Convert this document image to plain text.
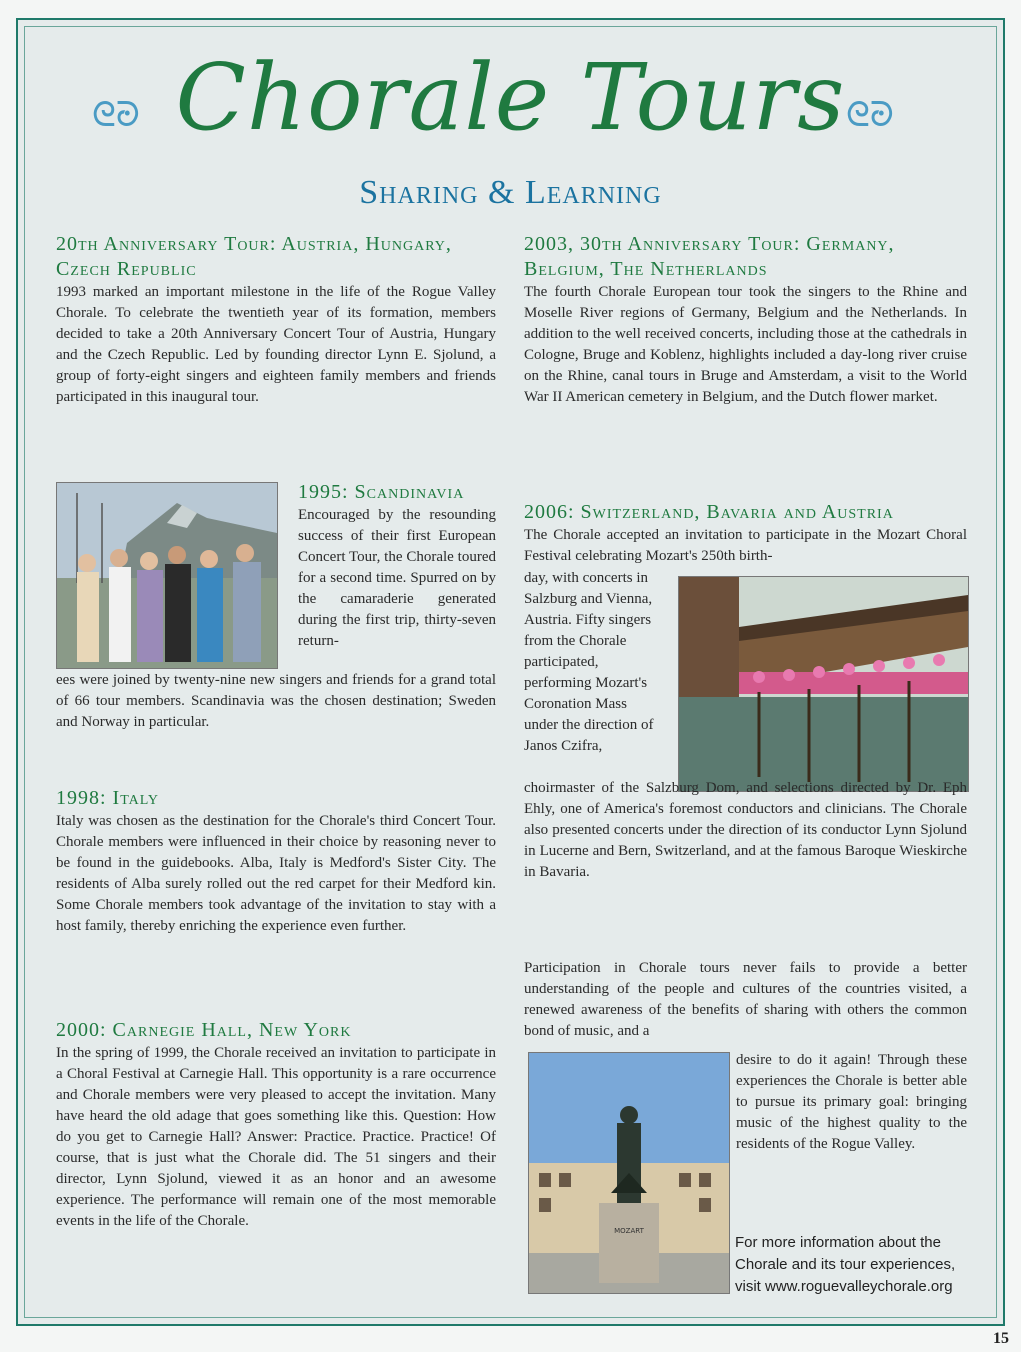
ᘓᘒ	ᘓᘒ
Chorale Tours
Sharing & Learning
20th Anniversary Tour: Austria, Hungary, Czech Republic

1993 marked an important milestone in the life of the Rogue Valley Chorale. To celebrate the twentieth year of its formation, members decided to take a 20th Anniversary Concert Tour of Austria, Hungary and the Czech Republic. Led by founding director Lynn E. Sjolund, a group of forty-eight singers and eighteen family members and friends participated in this inaugural tour.

1995: Scandinavia

Encouraged by the resounding success of their first European Concert Tour, the Chorale toured for a second time. Spurred on by the camaraderie generated during the first trip, thirty-seven return-

ees were joined by twenty-nine new singers and friends for a grand total of 66 tour members. Scandinavia was the chosen destination; Sweden and Norway in particular.

1998: Italy

Italy was chosen as the destination for the Chorale's third Concert Tour. Chorale members were influenced in their choice by reasoning never to be found in the guidebooks. Alba, Italy is Medford's Sister City. The residents of Alba surely rolled out the red carpet for their Medford kin. Some Chorale members took advantage of the invitation to stay with a host family, thereby enriching the experience even further.

2000: Carnegie Hall, New York

In the spring of 1999, the Chorale received an invitation to participate in a Choral Festival at Carnegie Hall. This opportunity is a rare occurrence and Chorale members were very pleased to accept the invitation. Many have heard the old adage that goes something like this. Question: How do you get to Carnegie Hall? Answer: Practice. Practice. Practice! Of course, that is just what the Chorale did. The 51 singers and their director, Lynn Sjolund, viewed it as an honor and an awesome experience. The performance will remain one of the most memorable events in the life of the Chorale.

2003, 30th Anniversary Tour: Germany, Belgium, The Netherlands

The fourth Chorale European tour took the singers to the Rhine and Moselle River regions of Germany, Belgium and the Netherlands. In addition to the well received concerts, including those at the cathedrals in Cologne, Bruge and Koblenz, highlights included a day-long river cruise on the Rhine, canal tours in Bruge and Amsterdam, a visit to the World War II American cemetery in Belgium, and the Dutch flower market.

2006: Switzerland, Bavaria and Austria

The Chorale accepted an invitation to participate in the Mozart Choral Festival celebrating Mozart's 250th birth-

day, with concerts in Salzburg and Vienna, Austria. Fifty singers from the Chorale participated, performing Mozart's Coronation Mass under the direction of Janos Czifra,

choirmaster of the Salzburg Dom, and selections directed by Dr. Eph Ehly, one of America's foremost conductors and clinicians. The Chorale also presented concerts under the direction of its conductor Lynn Sjolund in Lucerne and Bern, Switzerland, and at the famous Baroque Wieskirche in Bavaria.

Participation in Chorale tours never fails to provide a better understanding of the people and cultures of the countries visited, a renewed awareness of the benefits of sharing with others the common bond of music, and a

MOZART

desire to do it again! Through these experiences the Chorale is better able to pursue its primary goal: bringing music of the highest quality to the residents of the Rogue Valley.

For more information about the Chorale and its tour experiences, visit www.roguevalleychorale.org
15
